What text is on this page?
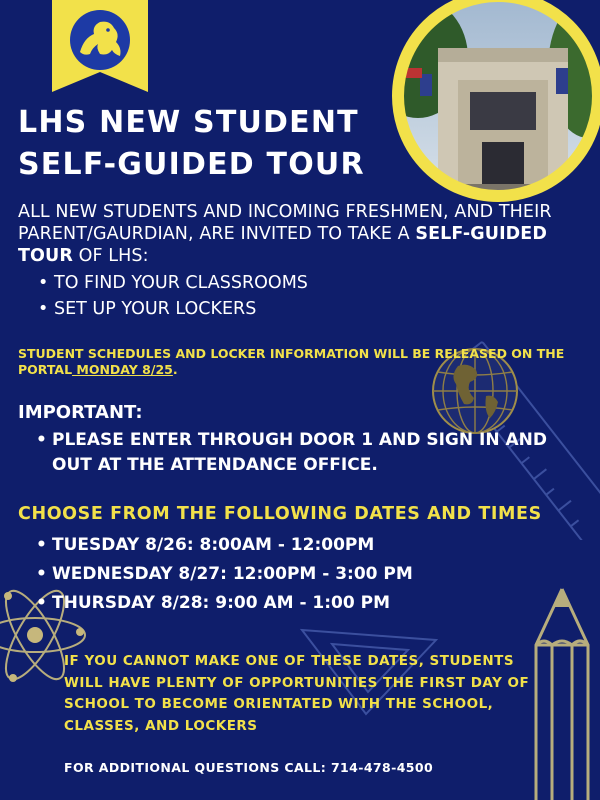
LHS NEW STUDENT
SELF-GUIDED TOUR
ALL NEW STUDENTS AND INCOMING FRESHMEN, AND THEIR PARENT/GAURDIAN, ARE INVITED TO TAKE A SELF-GUIDED TOUR OF LHS:
• TO FIND YOUR CLASSROOMS
• SET UP YOUR LOCKERS
STUDENT SCHEDULES AND LOCKER INFORMATION WILL BE RELEASED ON THE PORTAL MONDAY 8/25.
IMPORTANT:
• PLEASE ENTER THROUGH DOOR 1 AND SIGN IN AND OUT AT THE ATTENDANCE OFFICE.
CHOOSE FROM THE FOLLOWING DATES AND TIMES
• TUESDAY 8/26: 8:00AM - 12:00PM
• WEDNESDAY 8/27: 12:00PM - 3:00 PM
• THURSDAY 8/28: 9:00 AM - 1:00 PM
IF YOU CANNOT MAKE ONE OF THESE DATES, STUDENTS WILL HAVE PLENTY OF OPPORTUNITIES THE FIRST DAY OF SCHOOL TO BECOME ORIENTATED WITH THE SCHOOL, CLASSES, AND LOCKERS
FOR ADDITIONAL QUESTIONS CALL: 714-478-4500
